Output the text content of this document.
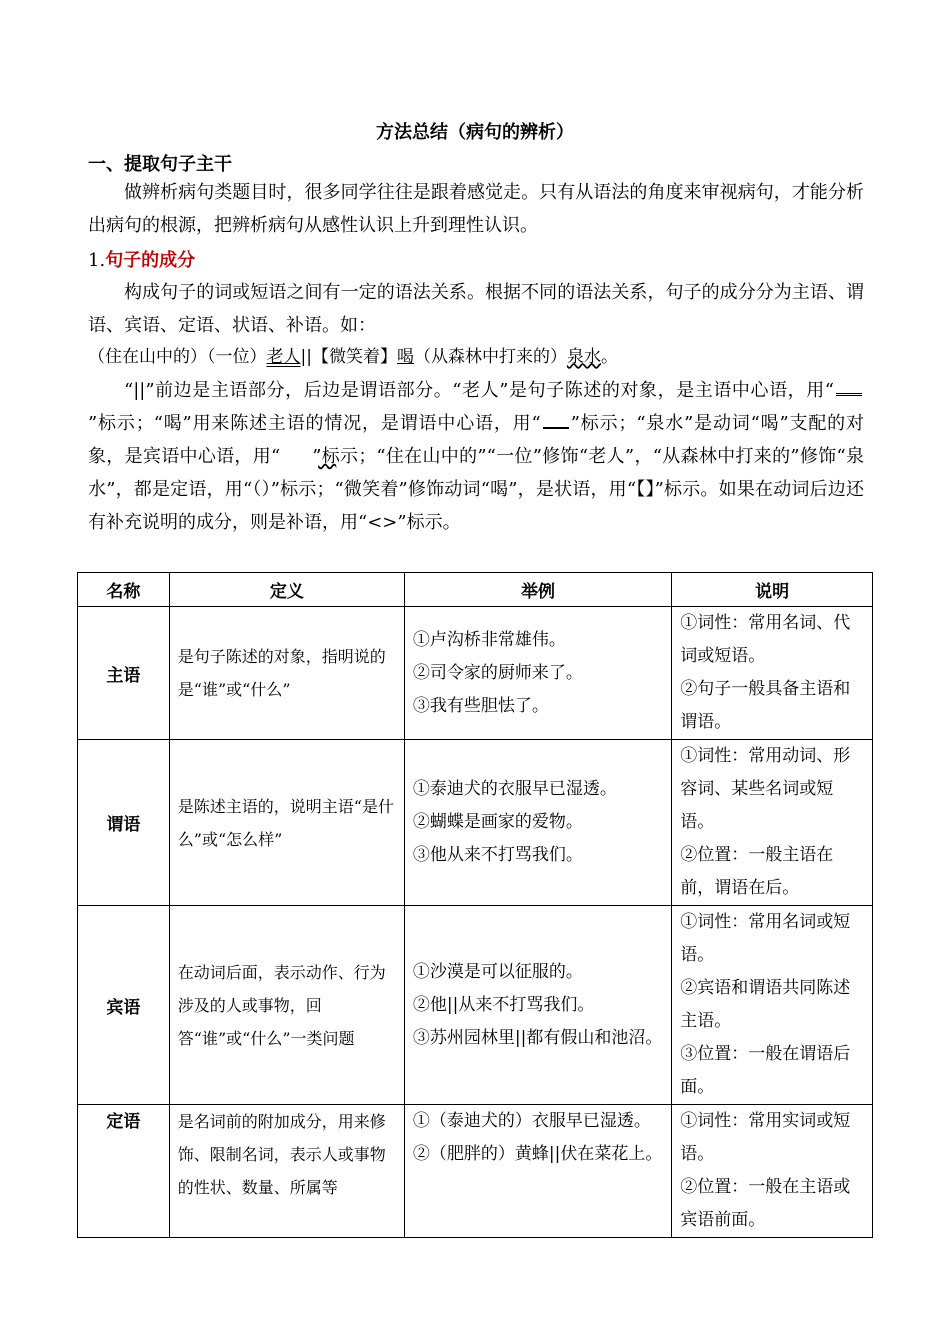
方法总结（病句的辨析）
一、提取句子主干
做辨析病句类题目时，很多同学往往是跟着感觉走。只有从语法的角度来审视病句，才能分析出病句的根源，把辨析病句从感性认识上升到理性认识。
1.句子的成分
构成句子的词或短语之间有一定的语法关系。根据不同的语法关系，句子的成分分为主语、谓语、宾语、定语、状语、补语。如：
（住在山中的）（一位）老人||【微笑着】喝（从森林中打来的）泉水。
“||”前边是主语部分，后边是谓语部分。“老人”是句子陈述的对象，是主语中心语，用“”标示；“喝”用来陈述主语的情况，是谓语中心语，用“ ”标示；“泉水”是动词“喝”支配的对象，是宾语中心语，用“   ”标示；“住在山中的”“一位”修饰“老人”，“从森林中打来的”修饰“泉水”，都是定语，用“（）”标示；“微笑着”修饰动词“喝”，是状语，用“【】”标示。如果在动词后边还有补充说明的成分，则是补语，用“<>”标示。
名称	定义	举例	说明
主语	是句子陈述的对象，指明说的是“谁”或“什么”	①卢沟桥非常雄伟。
②司令家的厨师来了。
③我有些胆怯了。	①词性：常用名词、代词或短语。
②句子一般具备主语和谓语。

谓语	是陈述主语的，说明主语“是什么”或“怎么样”	①泰迪犬的衣服早已湿透。
②蝴蝶是画家的爱物。
③他从来不打骂我们。	①词性：常用动词、形容词、某些名词或短语。
②位置：一般主语在前，谓语在后。

宾语	在动词后面，表示动作、行为涉及的人或事物，回答“谁”或“什么”一类问题	①沙漠是可以征服的。
②他||从来不打骂我们。
③苏州园林里||都有假山和池沼。	①词性：常用名词或短语。
②宾语和谓语共同陈述主语。
③位置：一般在谓语后面。

定语	是名词前的附加成分，用来修饰、限制名词，表示人或事物的性状、数量、所属等	①（泰迪犬的）衣服早已湿透。
②（肥胖的）黄蜂||伏在菜花上。	①词性：常用实词或短语。
②位置：一般在主语或宾语前面。
